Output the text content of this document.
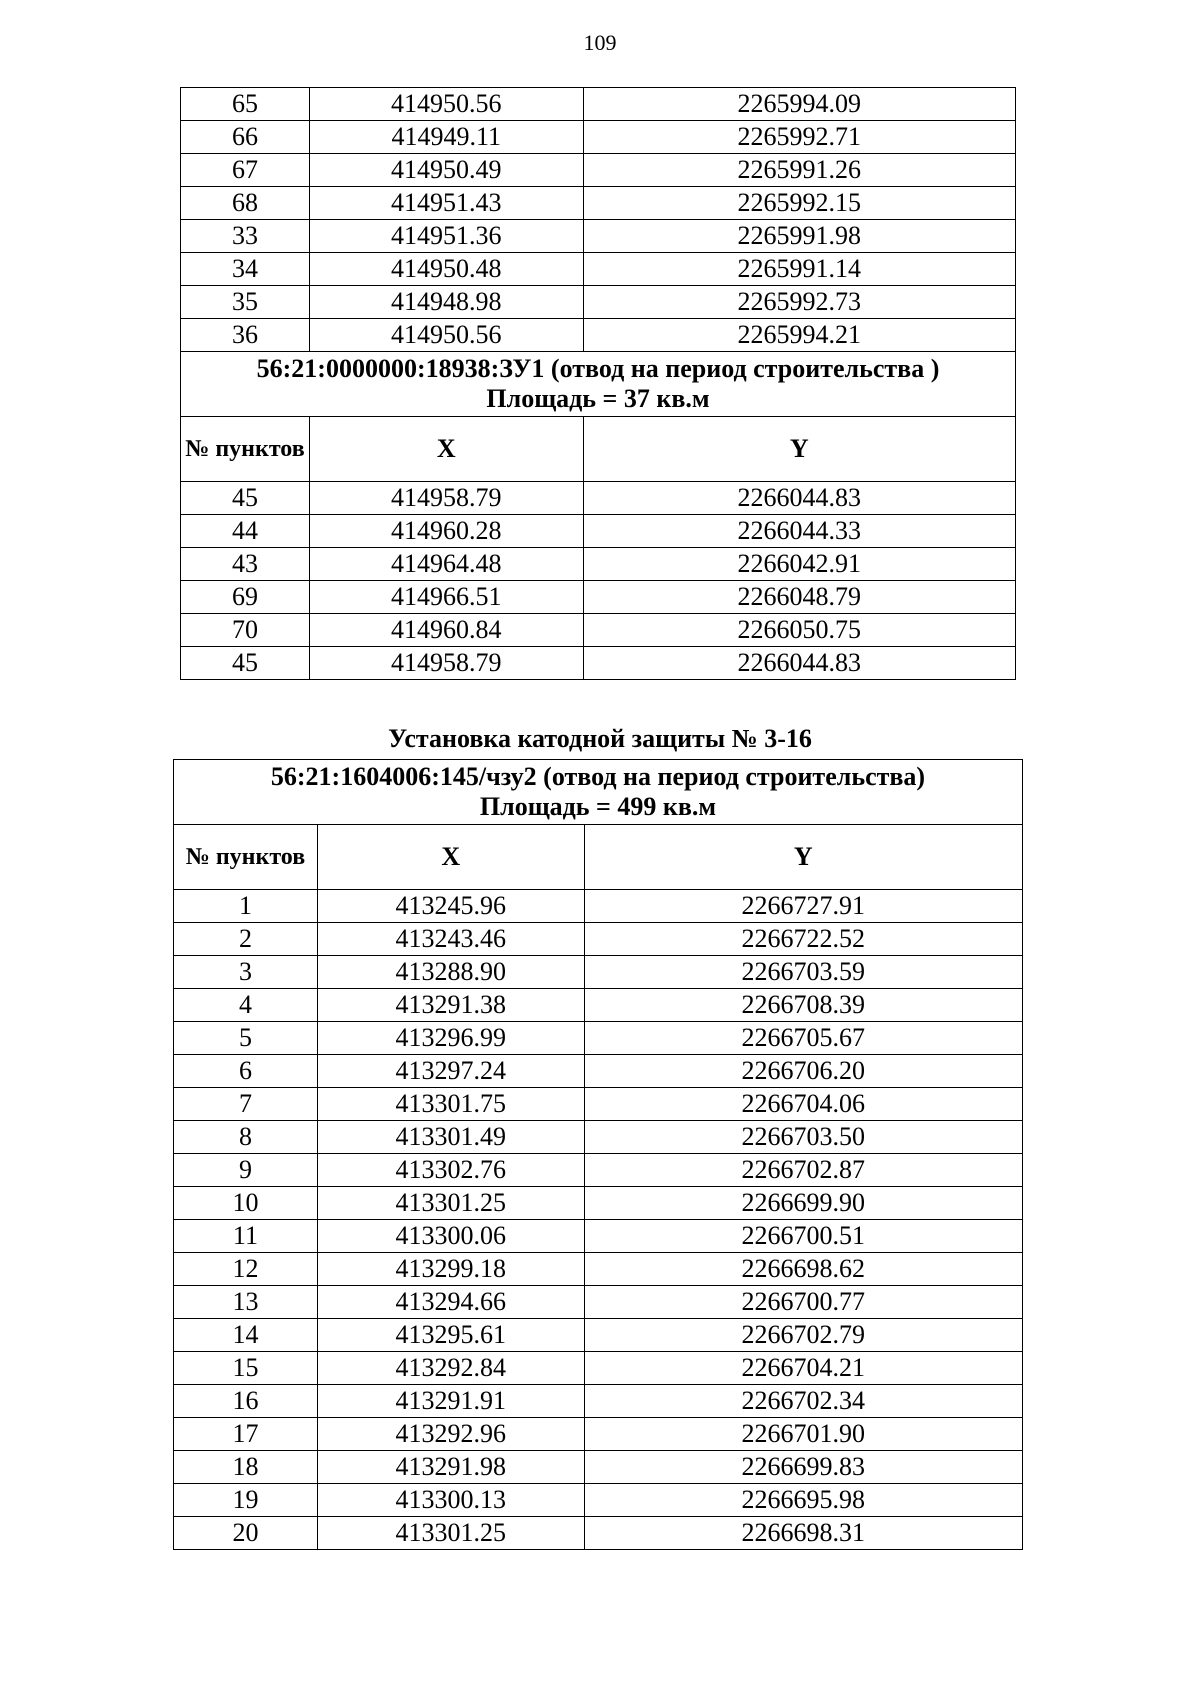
109
65	414950.56	2265994.09
66	414949.11	2265992.71
67	414950.49	2265991.26
68	414951.43	2265992.15
33	414951.36	2265991.98
34	414950.48	2265991.14
35	414948.98	2265992.73
36	414950.56	2265994.21

56:21:0000000:18938:ЗУ1 (отвод на период строительства )
Площадь = 37 кв.м		

№ пунктов	X	Y
45	414958.79	2266044.83
44	414960.28	2266044.33
43	414964.48	2266042.91
69	414966.51	2266048.79
70	414960.84	2266050.75
45	414958.79	2266044.83
Установка катодной защиты № 3-16
56:21:1604006:145/чзу2 (отвод на период строительства)
Площадь = 499 кв.м		

№ пунктов	X	Y
1	413245.96	2266727.91
2	413243.46	2266722.52
3	413288.90	2266703.59
4	413291.38	2266708.39
5	413296.99	2266705.67
6	413297.24	2266706.20
7	413301.75	2266704.06
8	413301.49	2266703.50
9	413302.76	2266702.87
10	413301.25	2266699.90
11	413300.06	2266700.51
12	413299.18	2266698.62
13	413294.66	2266700.77
14	413295.61	2266702.79
15	413292.84	2266704.21
16	413291.91	2266702.34
17	413292.96	2266701.90
18	413291.98	2266699.83
19	413300.13	2266695.98
20	413301.25	2266698.31
